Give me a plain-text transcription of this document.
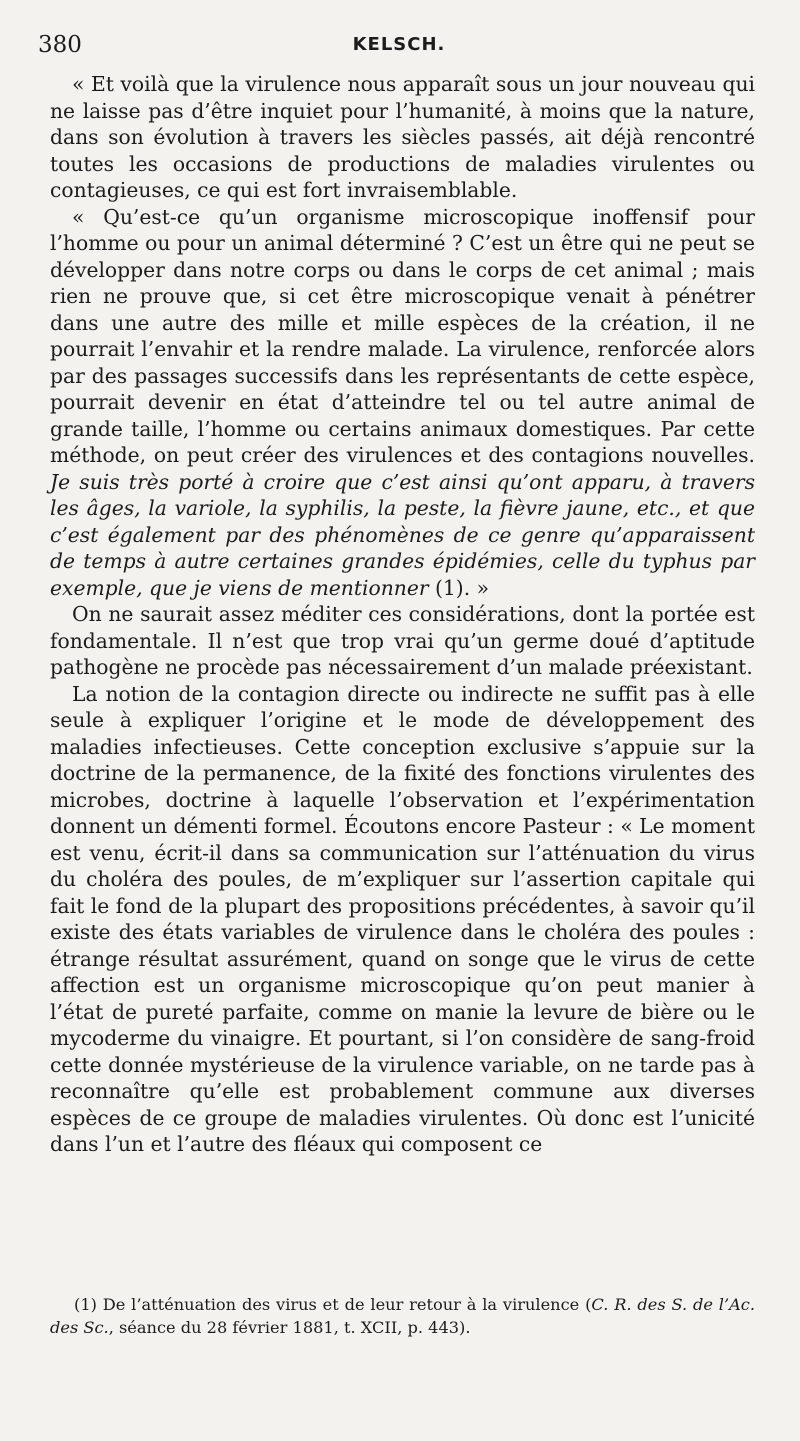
380	KELSCH.

« Et voilà que la virulence nous apparaît sous un jour nouveau qui ne laisse pas d’être inquiet pour l’humanité, à moins que la nature, dans son évolution à travers les siècles passés, ait déjà rencontré toutes les occasions de productions de maladies virulentes ou contagieuses, ce qui est fort invraisemblable.

« Qu’est-ce qu’un organisme microscopique inoffensif pour l’homme ou pour un animal déterminé ? C’est un être qui ne peut se développer dans notre corps ou dans le corps de cet animal ; mais rien ne prouve que, si cet être microscopique venait à pénétrer dans une autre des mille et mille espèces de la création, il ne pourrait l’envahir et la rendre malade. La virulence, renforcée alors par des passages successifs dans les représentants de cette espèce, pourrait devenir en état d’atteindre tel ou tel autre animal de grande taille, l’homme ou certains animaux domestiques. Par cette méthode, on peut créer des virulences et des contagions nouvelles. Je suis très porté à croire que c’est ainsi qu’ont apparu, à travers les âges, la variole, la syphilis, la peste, la fièvre jaune, etc., et que c’est également par des phénomènes de ce genre qu’apparaissent de temps à autre certaines grandes épidémies, celle du typhus par exemple, que je viens de mentionner (1). »

On ne saurait assez méditer ces considérations, dont la portée est fondamentale. Il n’est que trop vrai qu’un germe doué d’aptitude pathogène ne procède pas nécessairement d’un malade préexistant.

La notion de la contagion directe ou indirecte ne suffit pas à elle seule à expliquer l’origine et le mode de développement des maladies infectieuses. Cette conception exclusive s’appuie sur la doctrine de la permanence, de la fixité des fonctions virulentes des microbes, doctrine à laquelle l’observation et l’expérimentation donnent un démenti formel. Écoutons encore Pasteur : « Le moment est venu, écrit-il dans sa communication sur l’atténuation du virus du choléra des poules, de m’expliquer sur l’assertion capitale qui fait le fond de la plupart des propositions précédentes, à savoir qu’il existe des états variables de virulence dans le choléra des poules : étrange résultat assurément, quand on songe que le virus de cette affection est un organisme microscopique qu’on peut manier à l’état de pureté parfaite, comme on manie la levure de bière ou le mycoderme du vinaigre. Et pourtant, si l’on considère de sang-froid cette donnée mystérieuse de la virulence variable, on ne tarde pas à reconnaître qu’elle est probablement commune aux diverses espèces de ce groupe de maladies virulentes. Où donc est l’unicité dans l’un et l’autre des fléaux qui composent ce

(1) De l’atténuation des virus et de leur retour à la virulence (C. R. des S. de l’Ac. des Sc., séance du 28 février 1881, t. XCII, p. 443).
